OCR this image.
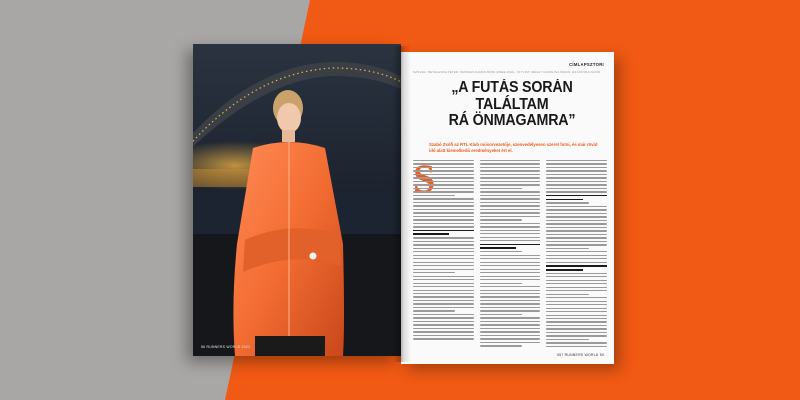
56 RUNNERS WORLD 2021
CÍMLAPSZTORI
SZÖVEG: BETHLENKE PÉTER, SMINKES DARÁS MÓNI AIMEE ANUL, STYLIST: RÉGHY KAROLINA FRAIIN, ÉS MÓNIKA DÁVID
„A FUTÁS SORÁN TALÁLTAM
RÁ ÖNMAGAMRA”
Szabó Zsófi az RTL Klub műsorvezetője, szenvedélyesen szeret futni, és már rövid idő alatt kiemelkedő eredményeket ért el.
057 RUNNERS WORLD 59
